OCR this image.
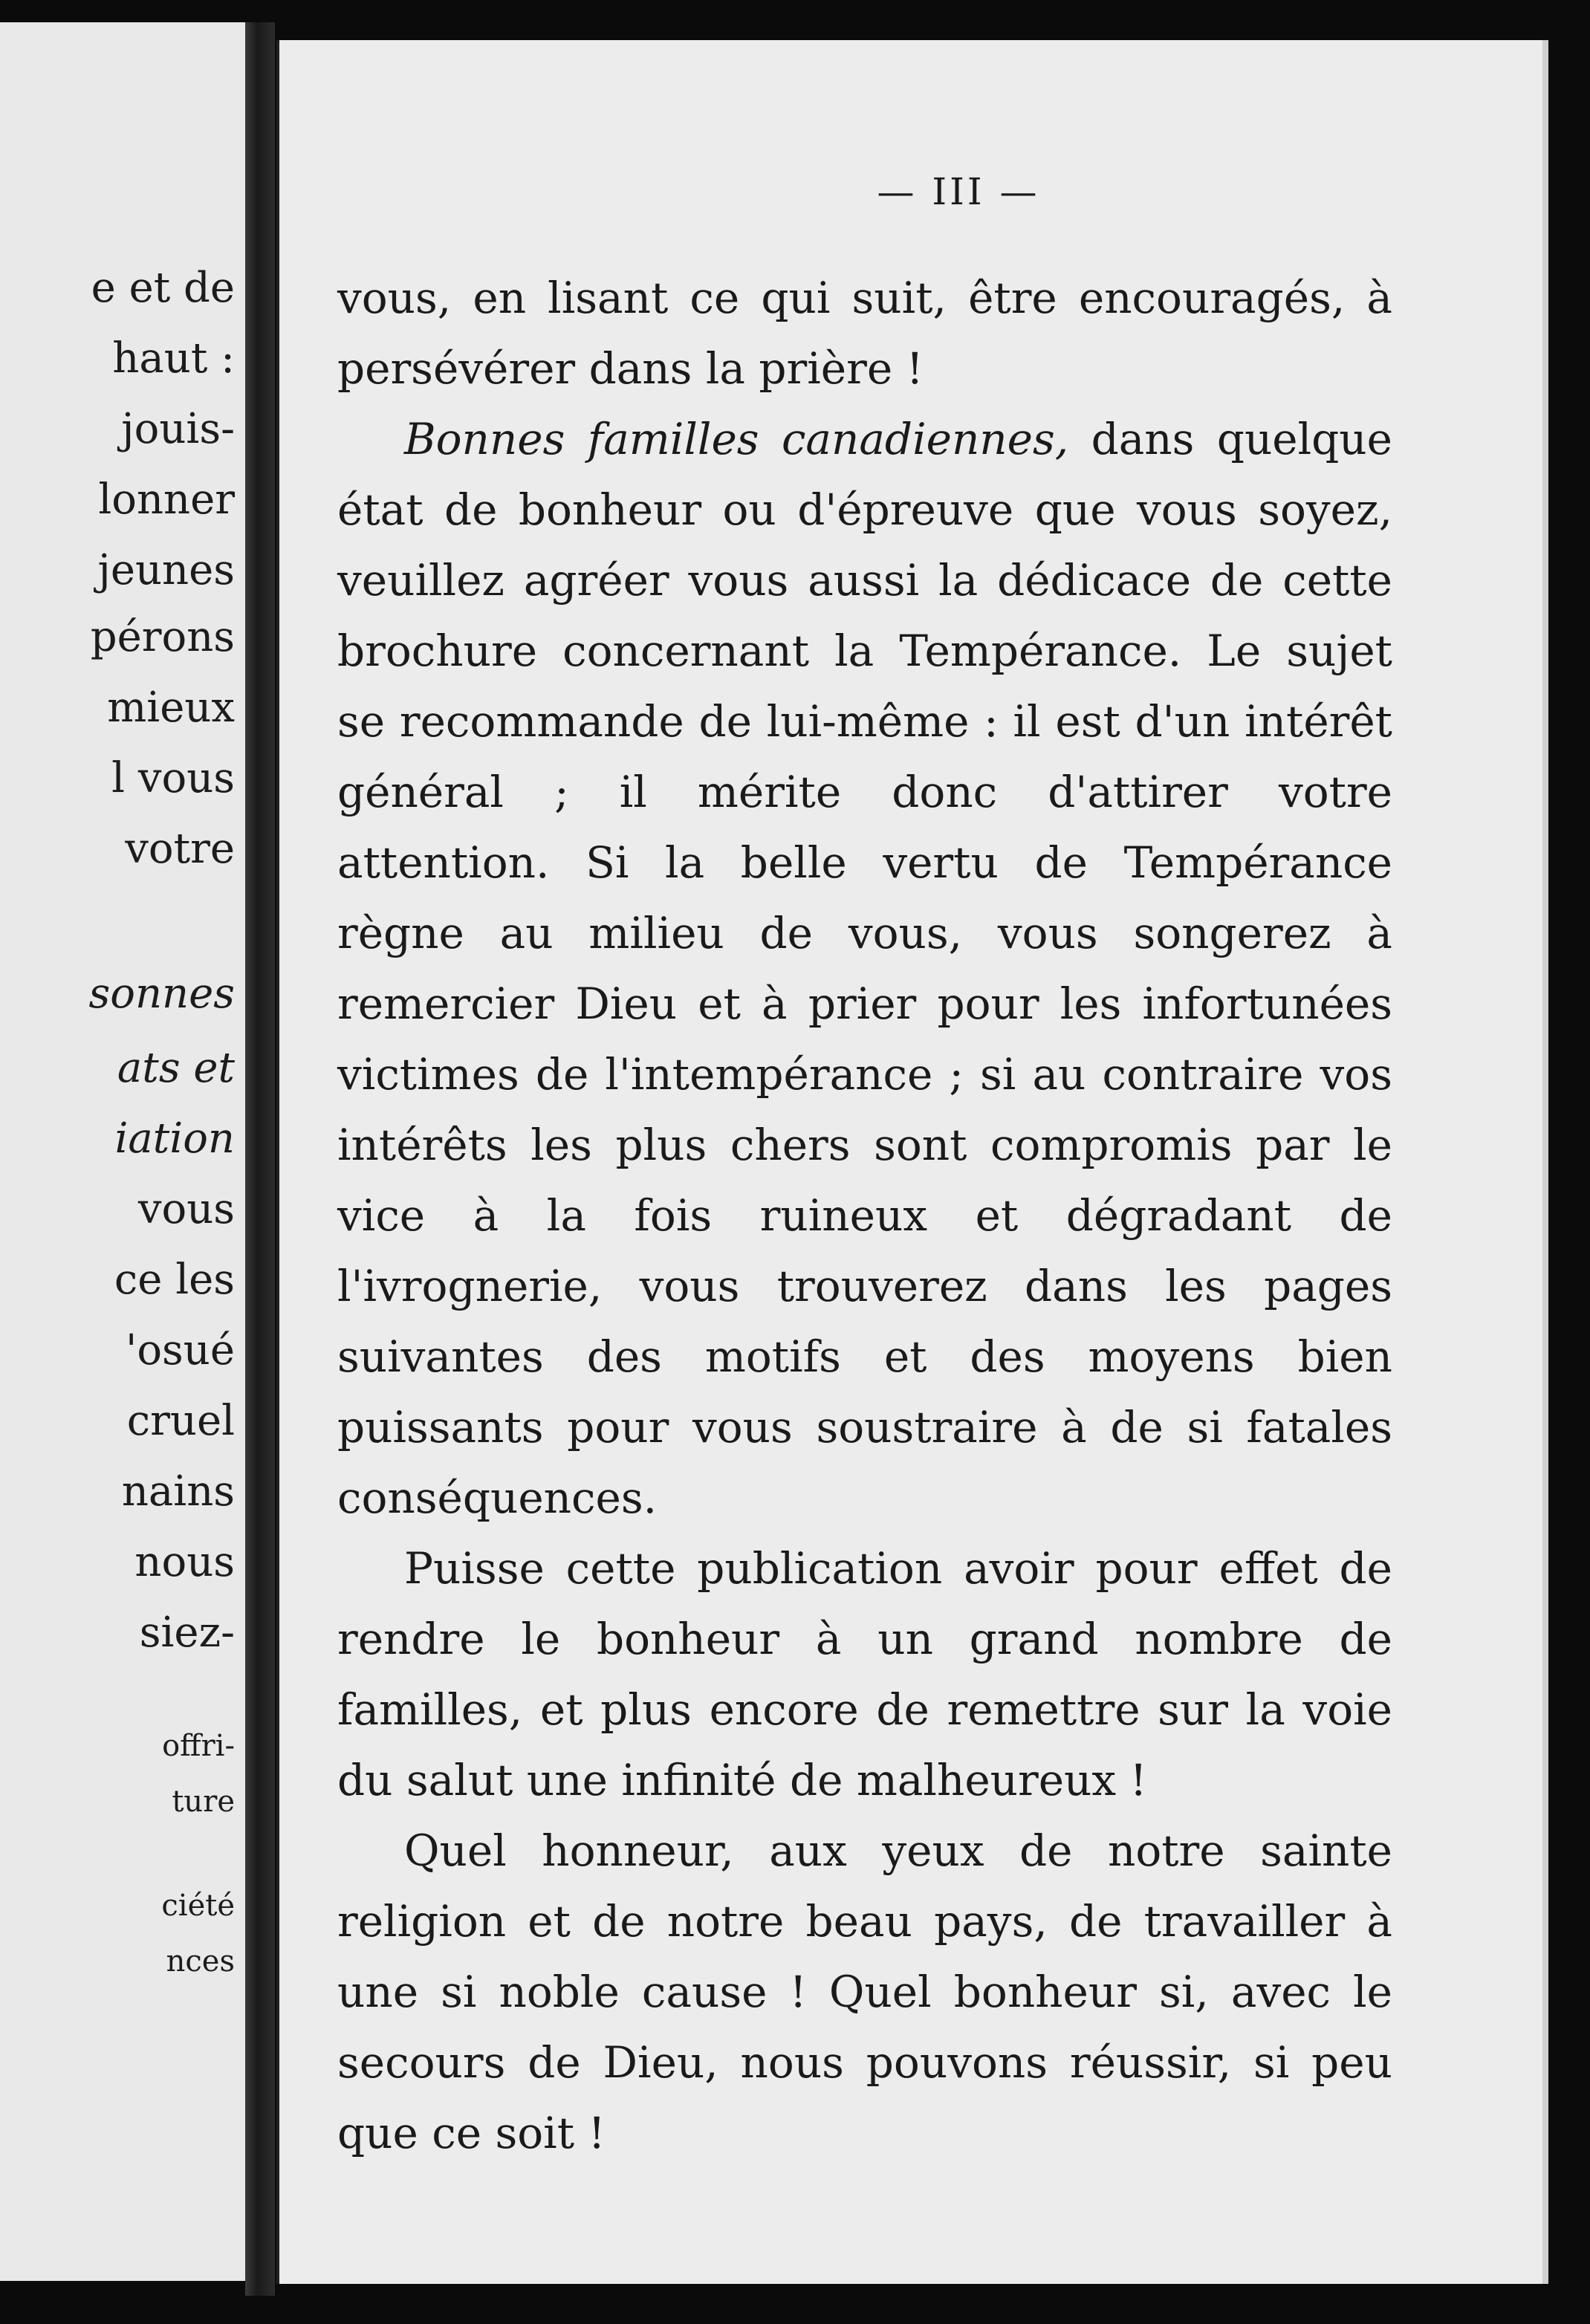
e et de
haut :
jouis-
lonner
jeunes
pérons
mieux
l vous
votre
sonnes
ats et
iation
vous
ce les
'osué
cruel
nains
nous
siez-
offri-
ture
ciété
nces
— III —

vous, en lisant ce qui suit, être encouragés, à persévérer dans la prière !

Bonnes familles canadiennes, dans quelque état de bonheur ou d'épreuve que vous soyez, veuillez agréer vous aussi la dédicace de cette brochure concernant la Tempérance. Le sujet se recommande de lui-même : il est d'un intérêt général ; il mérite donc d'attirer votre attention. Si la belle vertu de Tempérance règne au milieu de vous, vous songerez à remercier Dieu et à prier pour les infortunées victimes de l'intempérance ; si au contraire vos intérêts les plus chers sont compromis par le vice à la fois ruineux et dégradant de l'ivrognerie, vous trouverez dans les pages suivantes des motifs et des moyens bien puissants pour vous soustraire à de si fatales conséquences.

Puisse cette publication avoir pour effet de rendre le bonheur à un grand nombre de familles, et plus encore de remettre sur la voie du salut une infinité de malheureux !

Quel honneur, aux yeux de notre sainte religion et de notre beau pays, de travailler à une si noble cause ! Quel bonheur si, avec le secours de Dieu, nous pouvons réussir, si peu que ce soit !
